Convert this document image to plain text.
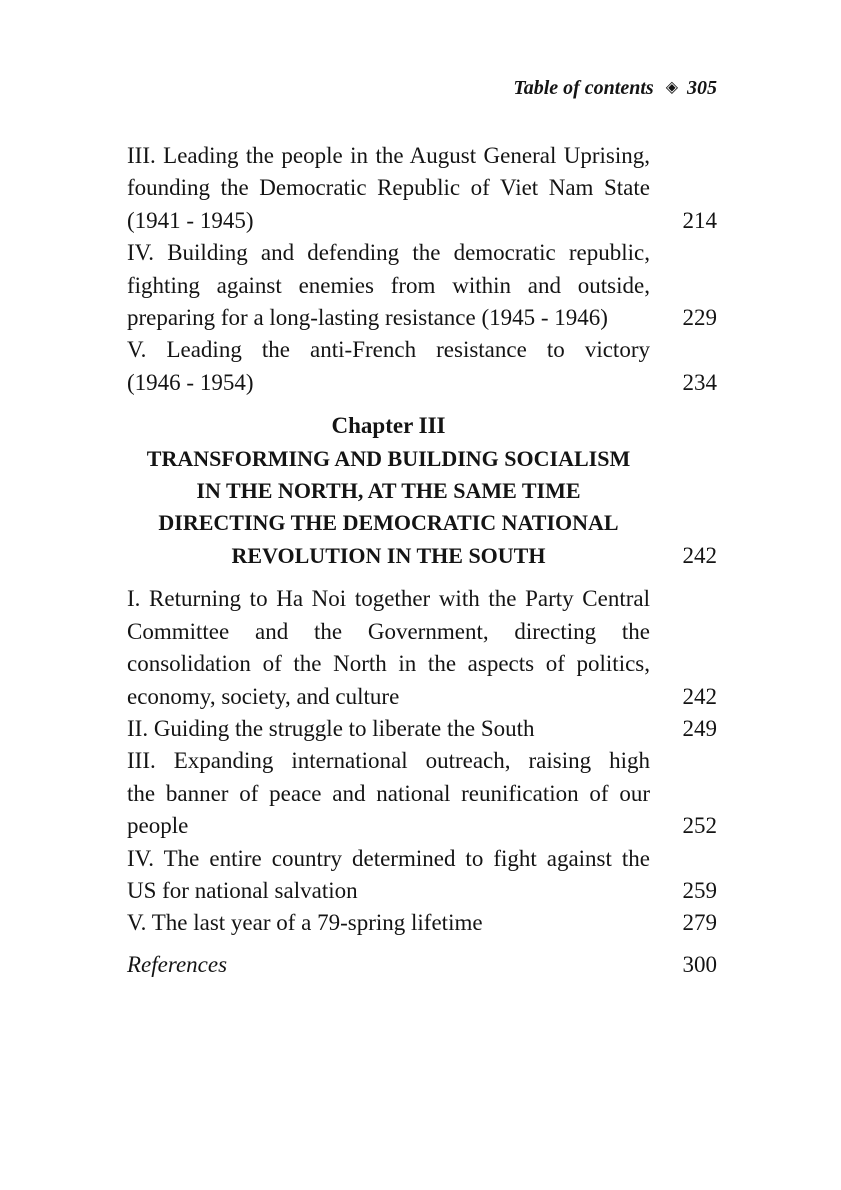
Table of contents ◈ 305
III. Leading the people in the August General Uprising,
founding the Democratic Republic of Viet Nam State
(1941 - 1945)	214
IV. Building and defending the democratic republic,
fighting against enemies from within and outside,
preparing for a long-lasting resistance (1945 - 1946)	229
V. Leading the anti-French resistance to victory
(1946 - 1954)	234
Chapter III
TRANSFORMING AND BUILDING SOCIALISM
IN THE NORTH, AT THE SAME TIME
DIRECTING THE DEMOCRATIC NATIONAL
REVOLUTION IN THE SOUTH	242
I. Returning to Ha Noi together with the Party Central
Committee and the Government, directing the
consolidation of the North in the aspects of politics,
economy, society, and culture	242
II. Guiding the struggle to liberate the South	249
III. Expanding international outreach, raising high
the banner of peace and national reunification of our
people	252
IV. The entire country determined to fight against the
US for national salvation	259
V. The last year of a 79-spring lifetime	279
References	300
